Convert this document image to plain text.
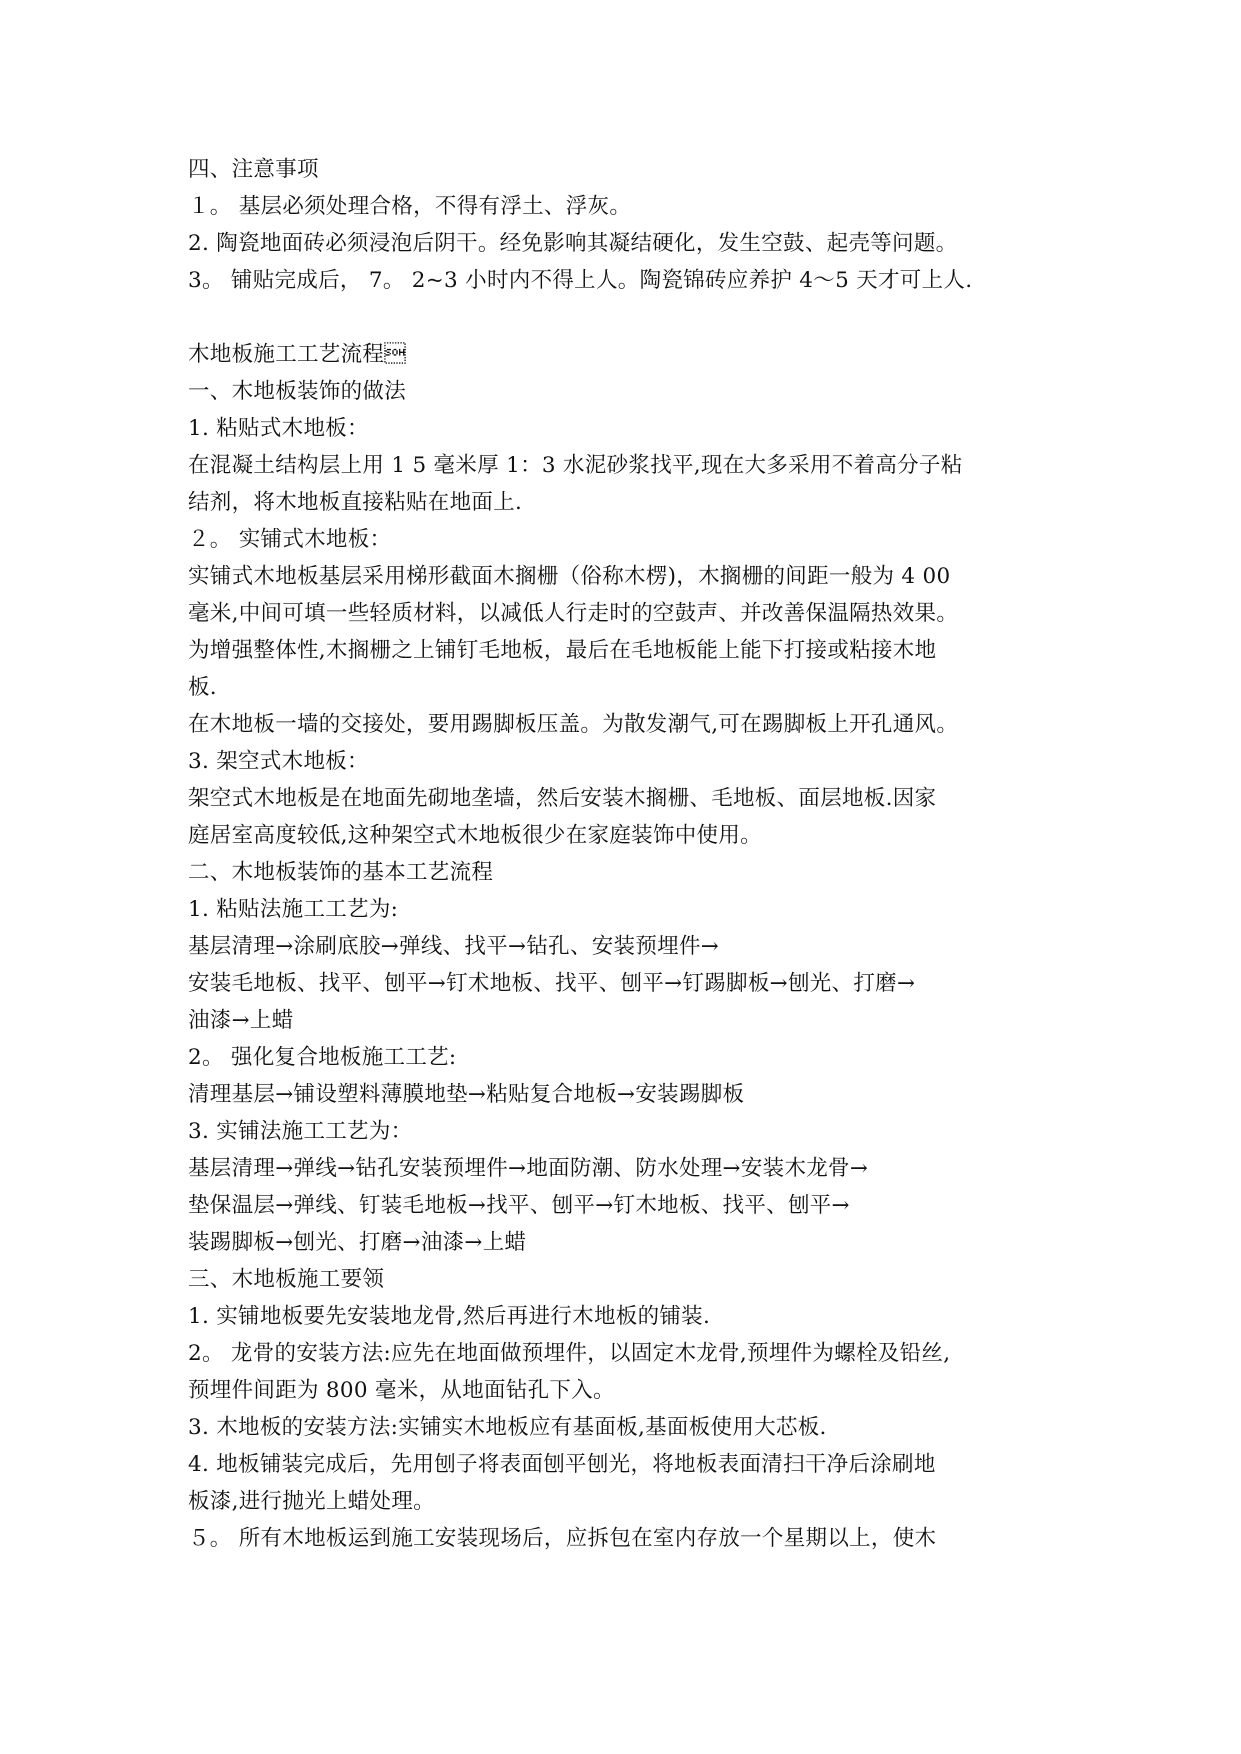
四、注意事项
１。 基层必须处理合格，不得有浮土、浮灰。
2. 陶瓷地面砖必须浸泡后阴干。经免影响其凝结硬化，发生空鼓、起壳等问题。
3。 铺贴完成后， 7。 2~3 小时内不得上人。陶瓷锦砖应养护 4～5 天才可上人.
木地板施工工艺流程
一、木地板装饰的做法
1. 粘贴式木地板：
在混凝土结构层上用 1 5 毫米厚 1：3 水泥砂浆找平,现在大多采用不着高分子粘
结剂，将木地板直接粘贴在地面上.
２。 实铺式木地板：
实铺式木地板基层采用梯形截面木搁栅（俗称木楞)，木搁栅的间距一般为 4 00
毫米,中间可填一些轻质材料，以减低人行走时的空鼓声、并改善保温隔热效果。
为增强整体性,木搁栅之上铺钉毛地板，最后在毛地板能上能下打接或粘接木地
板.
在木地板一墙的交接处，要用踢脚板压盖。为散发潮气,可在踢脚板上开孔通风。
3. 架空式木地板：
架空式木地板是在地面先砌地垄墙，然后安装木搁栅、毛地板、面层地板.因家
庭居室高度较低,这种架空式木地板很少在家庭装饰中使用。
二、木地板装饰的基本工艺流程
1. 粘贴法施工工艺为:
基层清理→涂刷底胶→弹线、找平→钻孔、安装预埋件→
安装毛地板、找平、刨平→钉术地板、找平、刨平→钉踢脚板→刨光、打磨→
油漆→上蜡
2。 强化复合地板施工工艺:
清理基层→铺设塑料薄膜地垫→粘贴复合地板→安装踢脚板
3. 实铺法施工工艺为：
基层清理→弹线→钻孔安装预埋件→地面防潮、防水处理→安装木龙骨→
垫保温层→弹线、钉装毛地板→找平、刨平→钉木地板、找平、刨平→
装踢脚板→刨光、打磨→油漆→上蜡
三、木地板施工要领
1. 实铺地板要先安装地龙骨,然后再进行木地板的铺装.
2。 龙骨的安装方法:应先在地面做预埋件，以固定木龙骨,预埋件为螺栓及铅丝,
预埋件间距为 800 毫米，从地面钻孔下入。
3. 木地板的安装方法:实铺实木地板应有基面板,基面板使用大芯板.
4. 地板铺装完成后，先用刨子将表面刨平刨光，将地板表面清扫干净后涂刷地
板漆,进行抛光上蜡处理。
５。 所有木地板运到施工安装现场后，应拆包在室内存放一个星期以上，使木
